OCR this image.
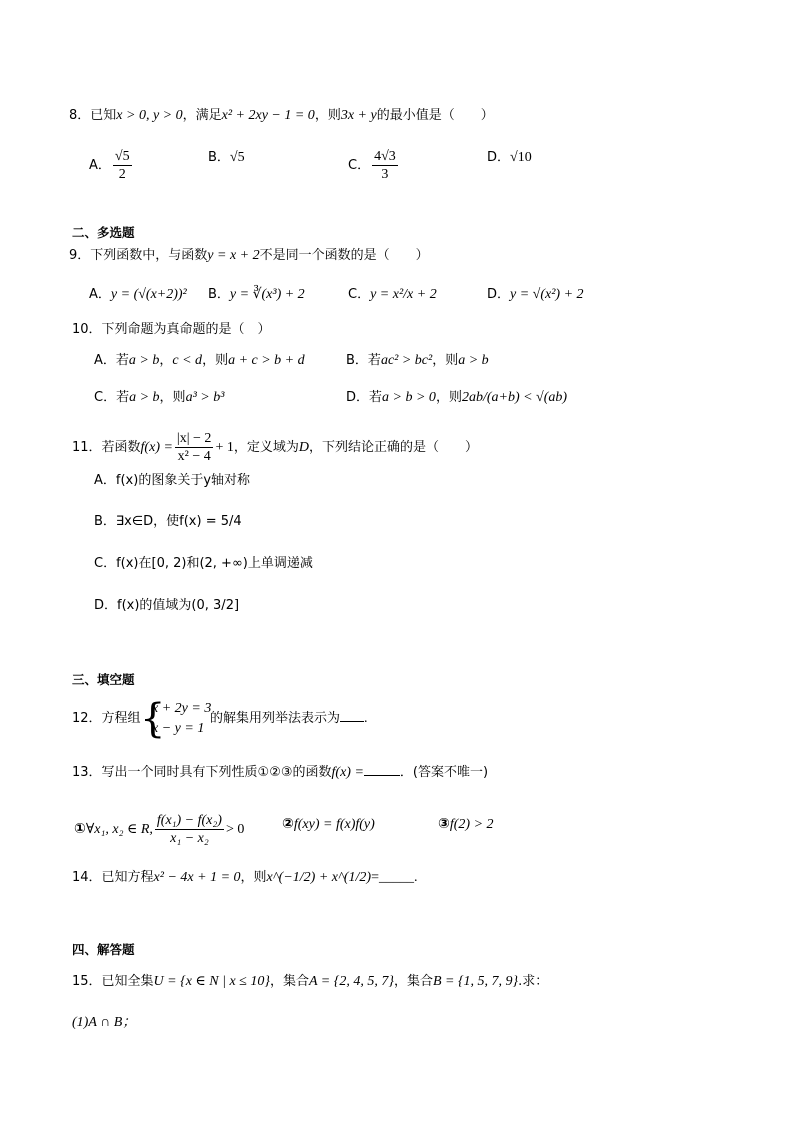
8．已知x > 0, y > 0，满足x² + 2xy − 1 = 0，则3x + y的最小值是（　　）
A． $\frac{√5}{2}$	B．√5
C． $\frac{4√3}{3}$	D．√10
二、多选题
9．下列函数中，与函数y = x + 2不是同一个函数的是（　　）
A．y = (√(x+2))² B．y = ∛(x³) + 2	C．y = x²/x + 2	D．y = √(x²) + 2
10．下列命题为真命题的是（　）
A．若a > b，c < d，则a + c > b + d	B．若ac² > bc²，则a > b
C．若a > b，则a³ > b³	D．若a > b > 0，则2ab/(a+b) < √(ab)
11．若函数$f(x) = \frac{|x| - 2}{\text{x² − 4}} + 1$，定义域为D，下列结论正确的是（　　）
A．f(x)的图象关于y轴对称
B．∃x∈D，使f(x) = 5/4
C．f(x)在[0, 2)和(2, +∞)上单调递减
D．f(x)的值域为(0, 3/2]
三、填空题
12．方程组 {
x + 2y = 3
x − y = 1
的解集用列举法表示为 .
13．写出一个同时具有下列性质①②③的函数f(x) =	．(答案不唯一)
①∀x₁, x₂ ∈ R, $\frac{\text{f(x₁) − f(x₂)}}{\text{x₁ − x₂}} > 0$	②f(xy) = f(x)f(y)	③f(2) > 2
14．已知方程x² − 4x + 1 = 0，则x^(−1/2) + x^(1/2)=_____.
四、解答题
15．已知全集U = {x ∈ N | x ≤ 10}，集合A = {2, 4, 5, 7}，集合B = {1, 5, 7, 9}.求：
(1)A ∩ B；
